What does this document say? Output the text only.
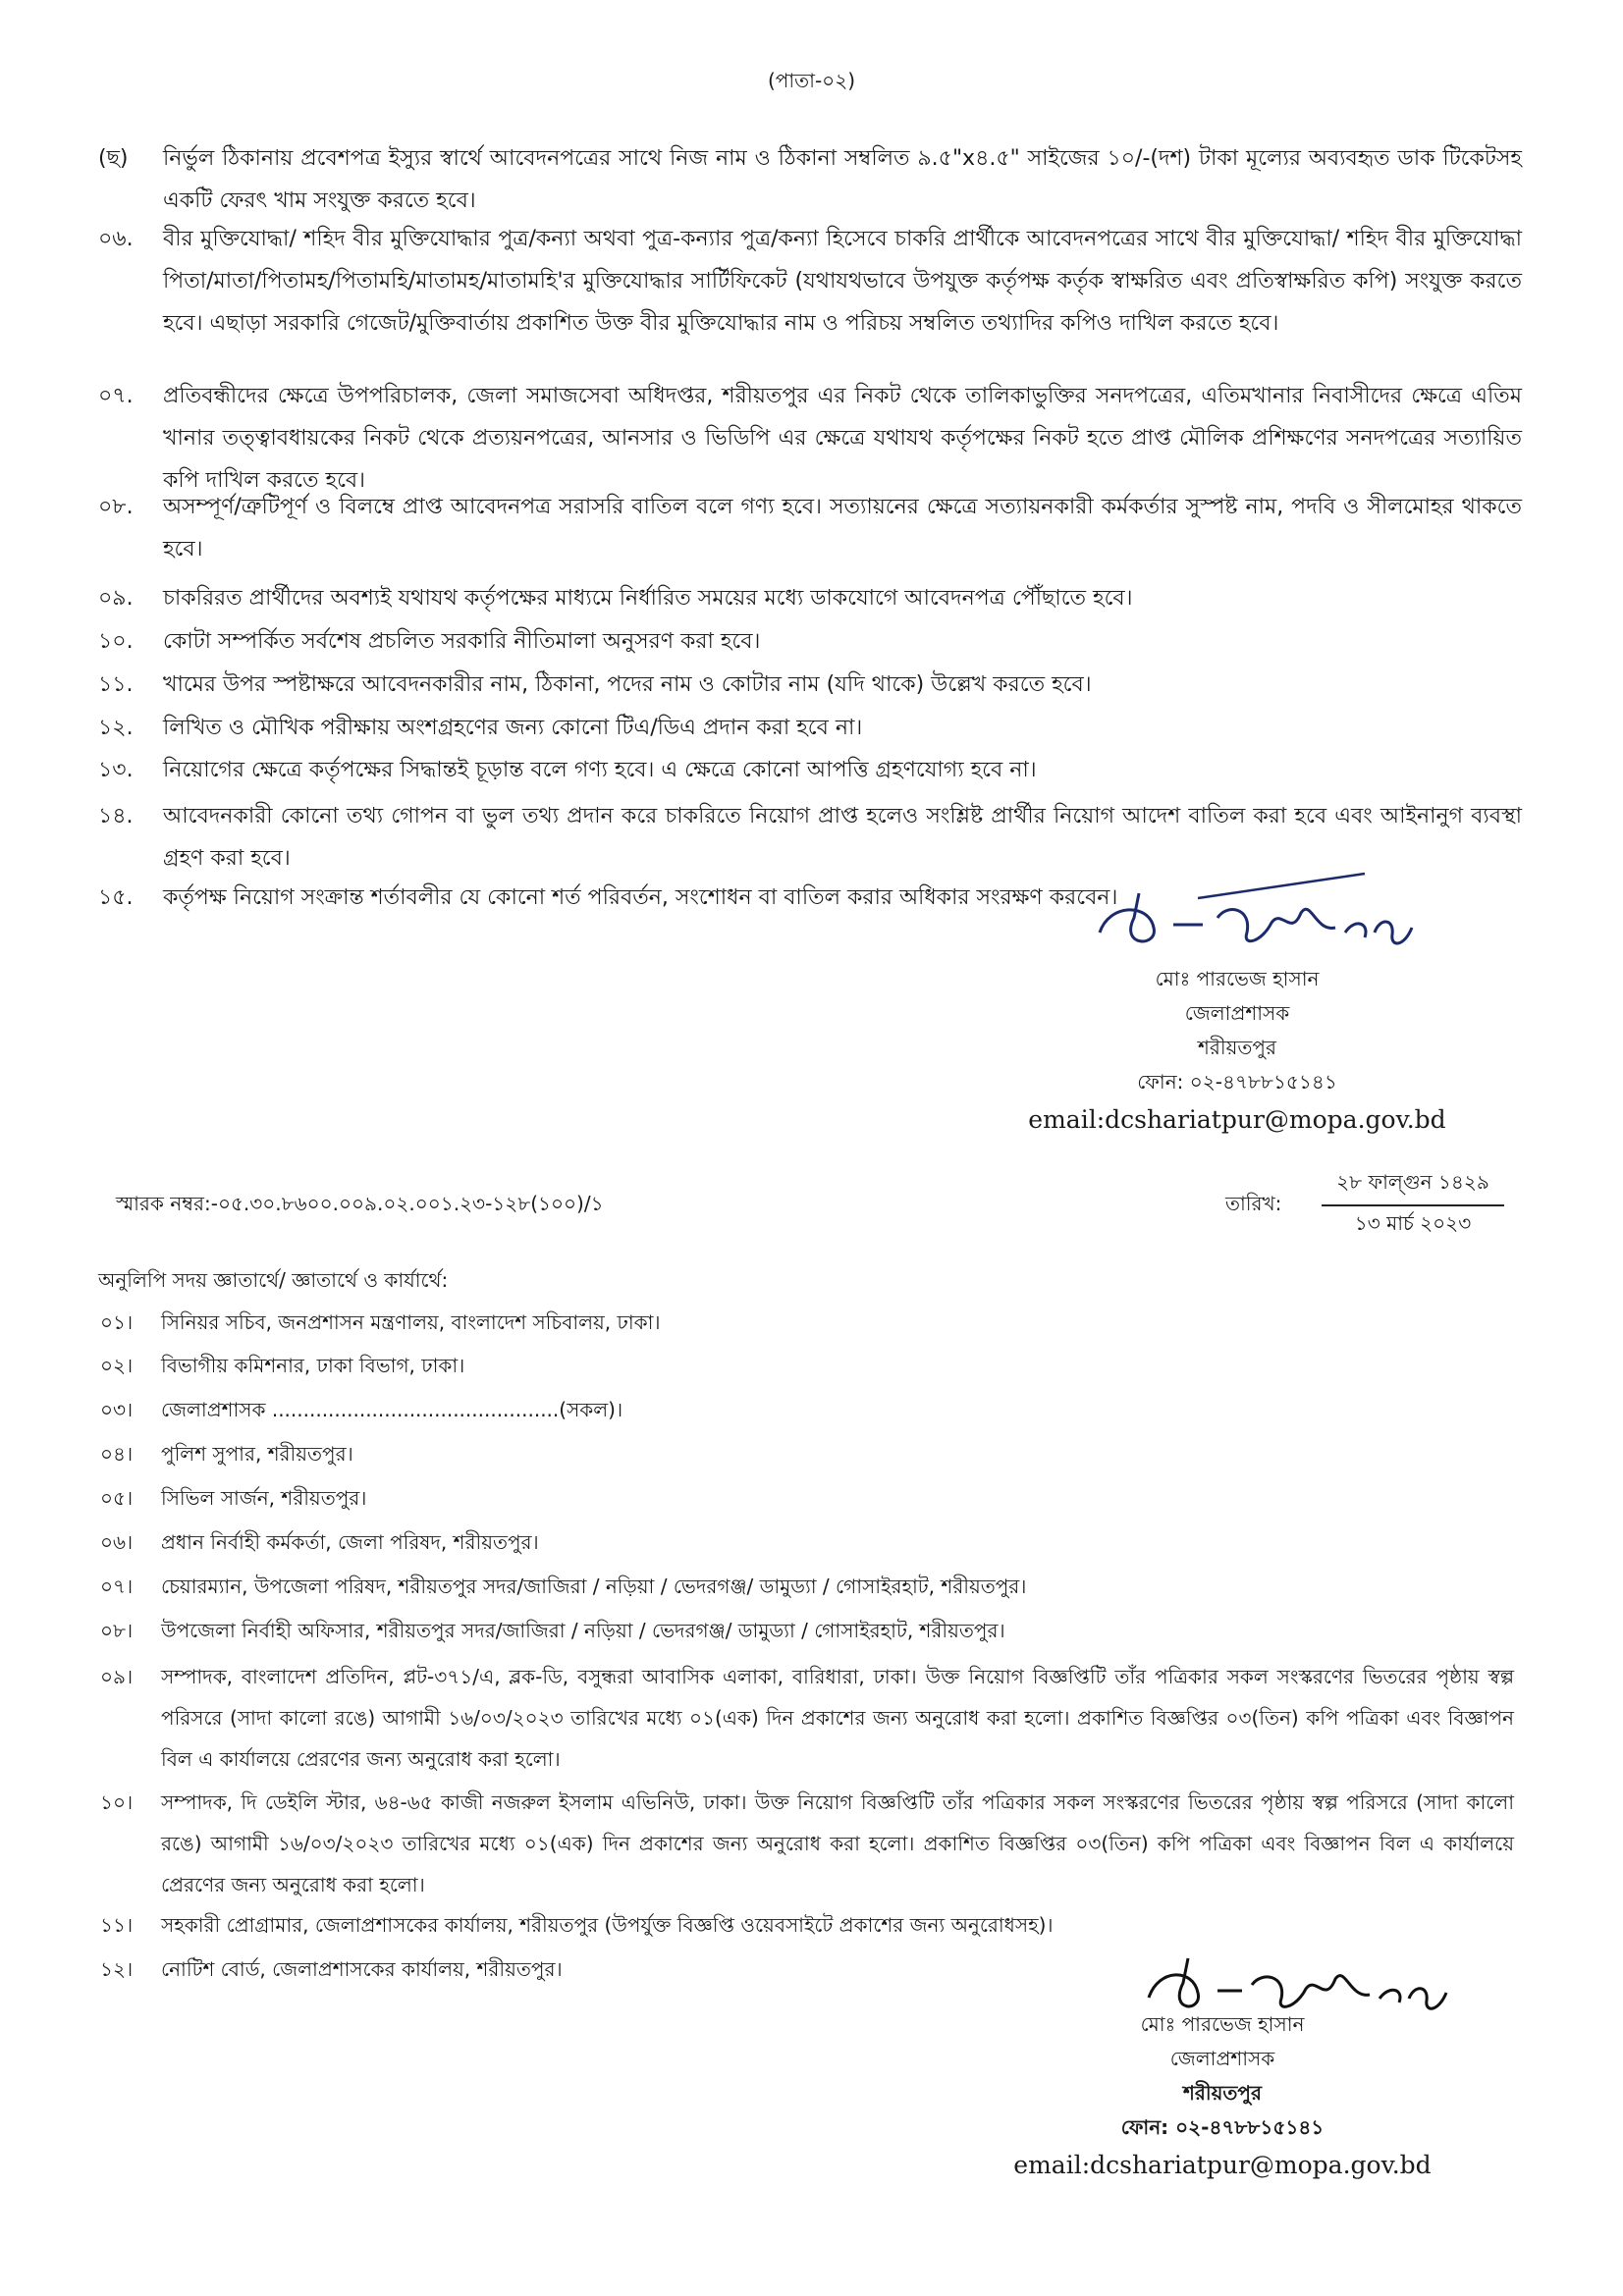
(পাতা-০২)
(ছ)	নির্ভুল ঠিকানায় প্রবেশপত্র ইস্যুর স্বার্থে আবেদনপত্রের সাথে নিজ নাম ও ঠিকানা সম্বলিত ৯.৫"x৪.৫" সাইজের ১০/-(দশ) টাকা মূল্যের অব্যবহৃত ডাক টিকেটসহ একটি ফেরৎ খাম সংযুক্ত করতে হবে।
০৬.	বীর মুক্তিযোদ্ধা/ শহিদ বীর মুক্তিযোদ্ধার পুত্র/কন্যা অথবা পুত্র-কন্যার পুত্র/কন্যা হিসেবে চাকরি প্রার্থীকে আবেদনপত্রের সাথে বীর মুক্তিযোদ্ধা/ শহিদ বীর মুক্তিযোদ্ধা পিতা/মাতা/পিতামহ/পিতামহি/মাতামহ/মাতামহি'র মুক্তিযোদ্ধার সার্টিফিকেট (যথাযথভাবে উপযুক্ত কর্তৃপক্ষ কর্তৃক স্বাক্ষরিত এবং প্রতিস্বাক্ষরিত কপি) সংযুক্ত করতে হবে। এছাড়া সরকারি গেজেট/মুক্তিবার্তায় প্রকাশিত উক্ত বীর মুক্তিযোদ্ধার নাম ও পরিচয় সম্বলিত তথ্যাদির কপিও দাখিল করতে হবে।
০৭.	প্রতিবন্ধীদের ক্ষেত্রে উপপরিচালক, জেলা সমাজসেবা অধিদপ্তর, শরীয়তপুর এর নিকট থেকে তালিকাভুক্তির সনদপত্রের, এতিমখানার নিবাসীদের ক্ষেত্রে এতিম খানার তত্ত্বাবধায়কের নিকট থেকে প্রত্যয়নপত্রের, আনসার ও ভিডিপি এর ক্ষেত্রে যথাযথ কর্তৃপক্ষের নিকট হতে প্রাপ্ত মৌলিক প্রশিক্ষণের সনদপত্রের সত্যায়িত কপি দাখিল করতে হবে।
০৮.	অসম্পূর্ণ/ত্রুটিপূর্ণ ও বিলম্বে প্রাপ্ত আবেদনপত্র সরাসরি বাতিল বলে গণ্য হবে। সত্যায়নের ক্ষেত্রে সত্যায়নকারী কর্মকর্তার সুস্পষ্ট নাম, পদবি ও সীলমোহর থাকতে হবে।
০৯.	চাকরিরত প্রার্থীদের অবশ্যই যথাযথ কর্তৃপক্ষের মাধ্যমে নির্ধারিত সময়ের মধ্যে ডাকযোগে আবেদনপত্র পৌঁছাতে হবে।
১০.	কোটা সম্পর্কিত সর্বশেষ প্রচলিত সরকারি নীতিমালা অনুসরণ করা হবে।
১১.	খামের উপর স্পষ্টাক্ষরে আবেদনকারীর নাম, ঠিকানা, পদের নাম ও কোটার নাম (যদি থাকে) উল্লেখ করতে হবে।
১২.	লিখিত ও মৌখিক পরীক্ষায় অংশগ্রহণের জন্য কোনো টিএ/ডিএ প্রদান করা হবে না।
১৩.	নিয়োগের ক্ষেত্রে কর্তৃপক্ষের সিদ্ধান্তই চূড়ান্ত বলে গণ্য হবে। এ ক্ষেত্রে কোনো আপত্তি গ্রহণযোগ্য হবে না।
১৪.	আবেদনকারী কোনো তথ্য গোপন বা ভুল তথ্য প্রদান করে চাকরিতে নিয়োগ প্রাপ্ত হলেও সংশ্লিষ্ট প্রার্থীর নিয়োগ আদেশ বাতিল করা হবে এবং আইনানুগ ব্যবস্থা গ্রহণ করা হবে।
১৫.	কর্তৃপক্ষ নিয়োগ সংক্রান্ত শর্তাবলীর যে কোনো শর্ত পরিবর্তন, সংশোধন বা বাতিল করার অধিকার সংরক্ষণ করবেন।
মোঃ পারভেজ হাসান
জেলাপ্রশাসক
শরীয়তপুর
ফোন: ০২-৪৭৮৮১৫১৪১
email:dcshariatpur@mopa.gov.bd
স্মারক নম্বর:-০৫.৩০.৮৬০০.০০৯.০২.০০১.২৩-১২৮(১০০)/১	তারিখ:
২৮ ফাল্গুন ১৪২৯
১৩ মার্চ ২০২৩
অনুলিপি সদয় জ্ঞাতার্থে/ জ্ঞাতার্থে ও কার্যার্থে:
০১।	সিনিয়র সচিব, জনপ্রশাসন মন্ত্রণালয়, বাংলাদেশ সচিবালয়, ঢাকা।
০২।	বিভাগীয় কমিশনার, ঢাকা বিভাগ, ঢাকা।
০৩।	জেলাপ্রশাসক ..............................................(সকল)।
০৪।	পুলিশ সুপার, শরীয়তপুর।
০৫।	সিভিল সার্জন, শরীয়তপুর।
০৬।	প্রধান নির্বাহী কর্মকর্তা, জেলা পরিষদ, শরীয়তপুর।
০৭।	চেয়ারম্যান, উপজেলা পরিষদ, শরীয়তপুর সদর/জাজিরা / নড়িয়া / ভেদরগঞ্জ/ ডামুড্যা / গোসাইরহাট, শরীয়তপুর।
০৮।	উপজেলা নির্বাহী অফিসার, শরীয়তপুর সদর/জাজিরা / নড়িয়া / ভেদরগঞ্জ/ ডামুড্যা / গোসাইরহাট, শরীয়তপুর।
০৯।	সম্পাদক, বাংলাদেশ প্রতিদিন, প্লট-৩৭১/এ, ব্লক-ডি, বসুন্ধরা আবাসিক এলাকা, বারিধারা, ঢাকা। উক্ত নিয়োগ বিজ্ঞপ্তিটি তাঁর পত্রিকার সকল সংস্করণের ভিতরের পৃষ্ঠায় স্বল্প পরিসরে (সাদা কালো রঙে) আগামী ১৬/০৩/২০২৩ তারিখের মধ্যে ০১(এক) দিন প্রকাশের জন্য অনুরোধ করা হলো। প্রকাশিত বিজ্ঞপ্তির ০৩(তিন) কপি পত্রিকা এবং বিজ্ঞাপন বিল এ কার্যালয়ে প্রেরণের জন্য অনুরোধ করা হলো।
১০।	সম্পাদক, দি ডেইলি স্টার, ৬৪-৬৫ কাজী নজরুল ইসলাম এভিনিউ, ঢাকা। উক্ত নিয়োগ বিজ্ঞপ্তিটি তাঁর পত্রিকার সকল সংস্করণের ভিতরের পৃষ্ঠায় স্বল্প পরিসরে (সাদা কালো রঙে) আগামী ১৬/০৩/২০২৩ তারিখের মধ্যে ০১(এক) দিন প্রকাশের জন্য অনুরোধ করা হলো। প্রকাশিত বিজ্ঞপ্তির ০৩(তিন) কপি পত্রিকা এবং বিজ্ঞাপন বিল এ কার্যালয়ে প্রেরণের জন্য অনুরোধ করা হলো।
১১।	সহকারী প্রোগ্রামার, জেলাপ্রশাসকের কার্যালয়, শরীয়তপুর (উপর্যুক্ত বিজ্ঞপ্তি ওয়েবসাইটে প্রকাশের জন্য অনুরোধসহ)।
১২।	নোটিশ বোর্ড, জেলাপ্রশাসকের কার্যালয়, শরীয়তপুর।
মোঃ পারভেজ হাসান
জেলাপ্রশাসক
শরীয়তপুর
ফোন: ০২-৪৭৮৮১৫১৪১
email:dcshariatpur@mopa.gov.bd
